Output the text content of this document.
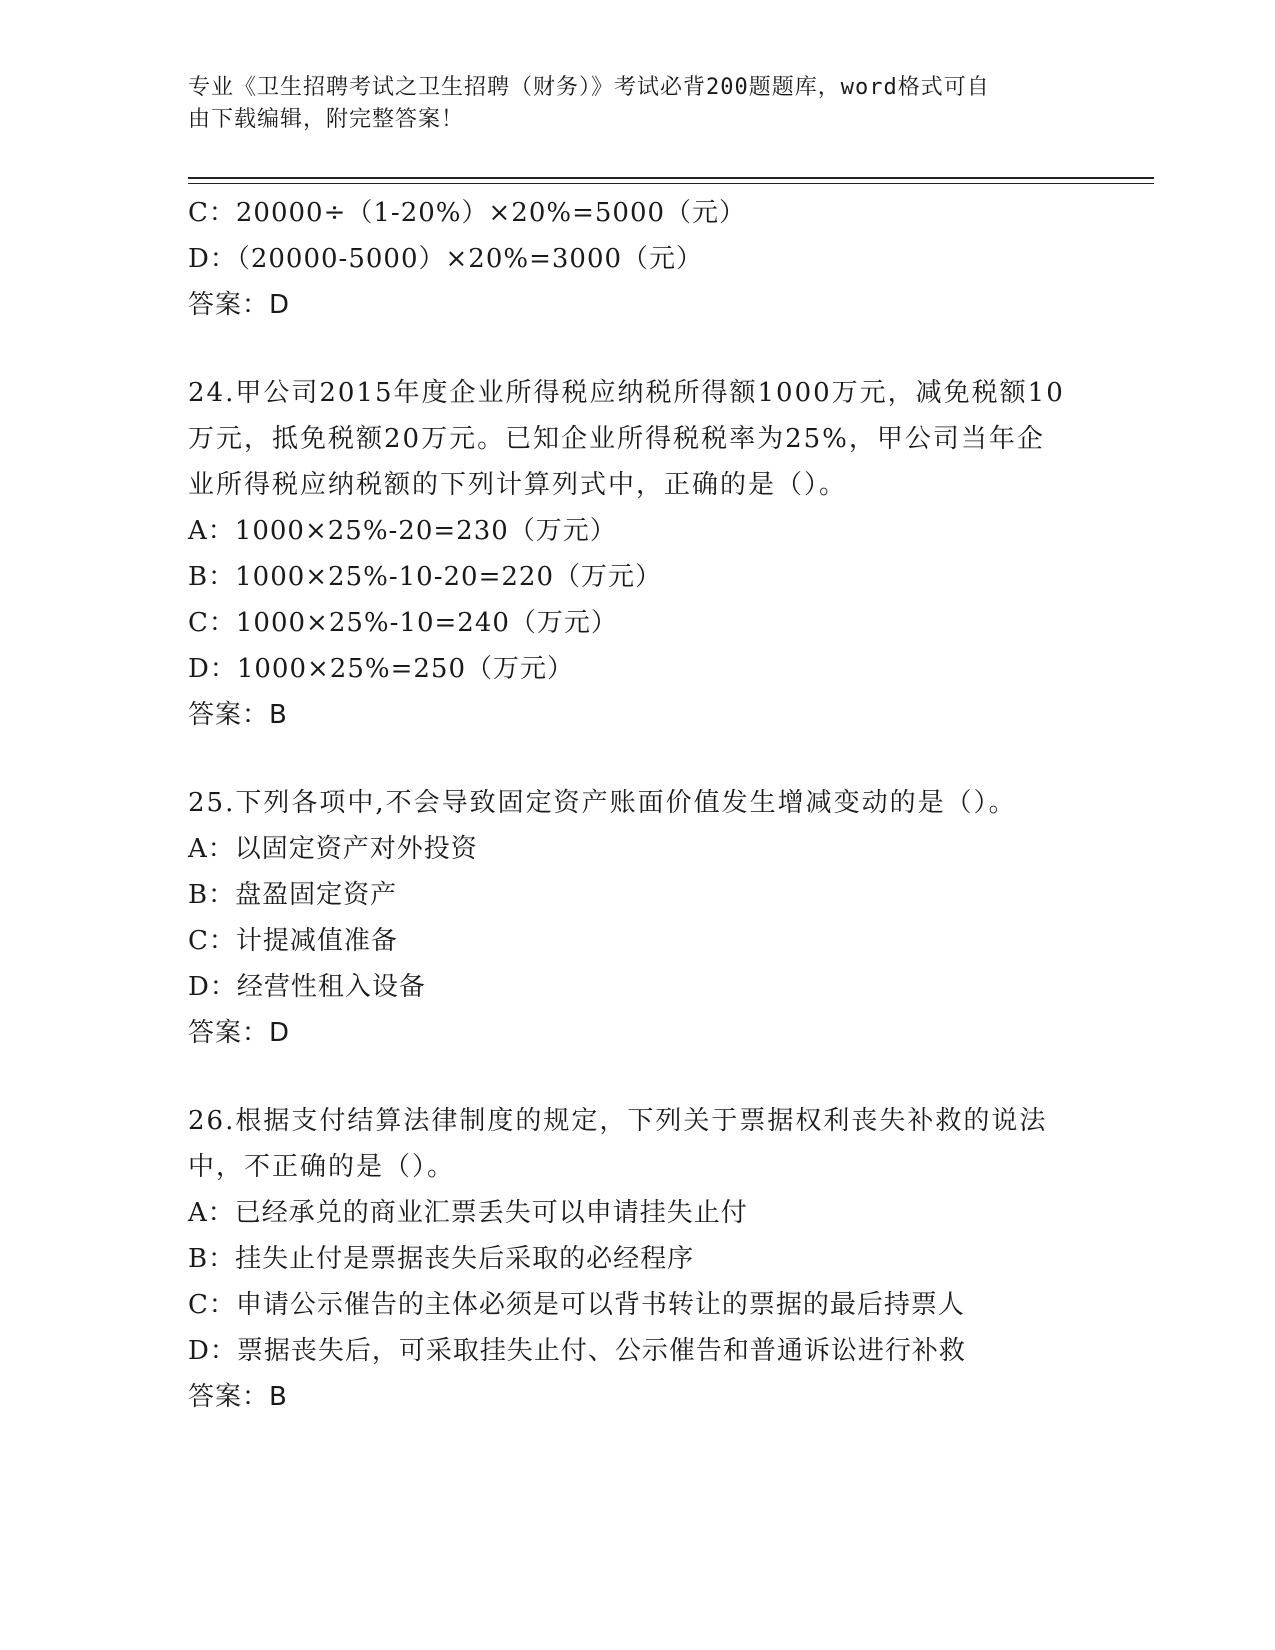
专业《卫生招聘考试之卫生招聘（财务）》考试必背200题题库，word格式可自
由下载编辑，附完整答案！
C：20000÷（1-20%）×20%=5000（元）
D：（20000-5000）×20%=3000（元）
答案：D
24.甲公司2015年度企业所得税应纳税所得额1000万元，减免税额10
万元，抵免税额20万元。已知企业所得税税率为25%，甲公司当年企
业所得税应纳税额的下列计算列式中，正确的是（）。
A：1000×25%-20=230（万元）
B：1000×25%-10-20=220（万元）
C：1000×25%-10=240（万元）
D：1000×25%=250（万元）
答案：B
25.下列各项中,不会导致固定资产账面价值发生增减变动的是（）。
A：以固定资产对外投资
B：盘盈固定资产
C：计提减值准备
D：经营性租入设备
答案：D
26.根据支付结算法律制度的规定，下列关于票据权利丧失补救的说法
中，不正确的是（）。
A：已经承兑的商业汇票丢失可以申请挂失止付
B：挂失止付是票据丧失后采取的必经程序
C：申请公示催告的主体必须是可以背书转让的票据的最后持票人
D：票据丧失后，可采取挂失止付、公示催告和普通诉讼进行补救
答案：B
